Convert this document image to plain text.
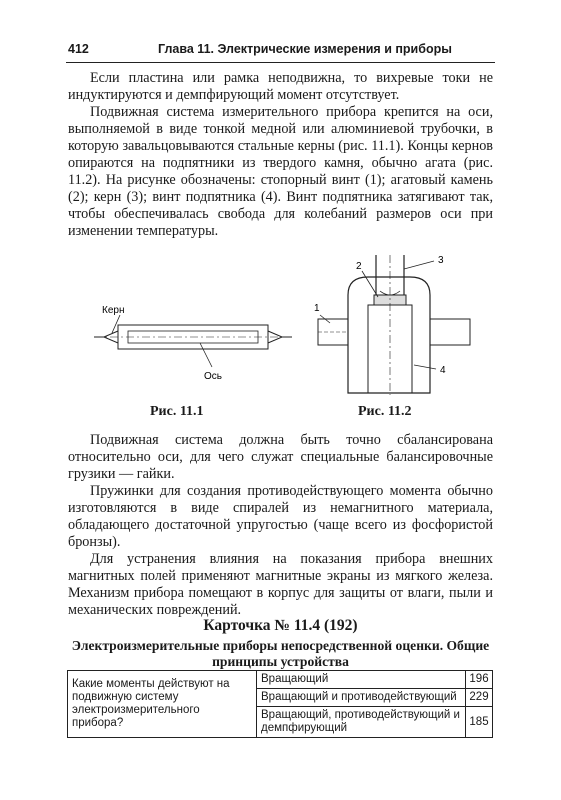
412	Глава 11. Электрические измерения и приборы

Если пластина или рамка неподвижна, то вихревые токи не индуктируются и демпфирующий момент отсутствует.

Подвижная система измерительного прибора крепится на оси, выполняемой в виде тонкой медной или алюминиевой трубочки, в которую завальцовываются стальные керны (рис. 11.1). Концы кернов опираются на подпятники из твердого камня, обычно агата (рис. 11.2). На рисунке обозначены: стопорный винт (1); агатовый камень (2); керн (3); винт подпятника (4). Винт подпятника затягивают так, чтобы обеспечивалась свобода для колебаний размеров оси при изменении температуры.

Керн
Ось
1
2
3
4
Рис. 11.1	Рис. 11.2

Подвижная система должна быть точно сбалансирована относительно оси, для чего служат специальные балансировочные грузики — гайки.

Пружинки для создания противодействующего момента обычно изготовляются в виде спиралей из немагнитного материала, обладающего достаточной упругостью (чаще всего из фосфористой бронзы).

Для устранения влияния на показания прибора внешних магнитных полей применяют магнитные экраны из мягкого железа. Механизм прибора помещают в корпус для защиты от влаги, пыли и механических повреждений.

Карточка № 11.4 (192)
Электроизмерительные приборы непосредственной оценки. Общие принципы устройства
Какие моменты действуют на подвижную систему электроизмерительного прибора?	Вращающий	196
	Вращающий и противодействующий	229
	Вращающий, противодействующий и демпфирующий	185
